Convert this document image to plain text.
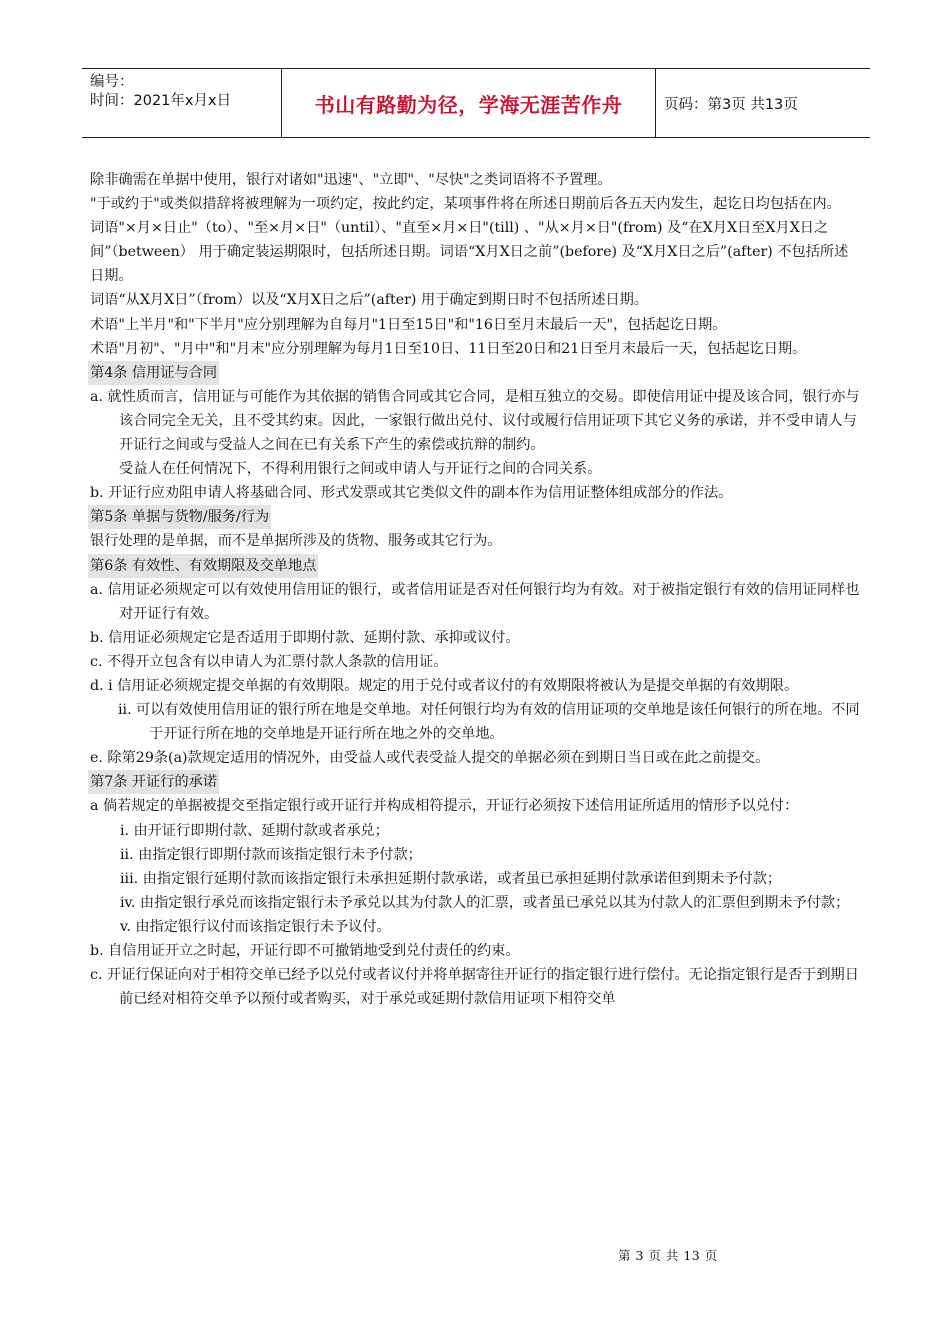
编号：
时间：2021年x月x日	书山有路勤为径，学海无涯苦作舟	页码：第3页 共13页

除非确需在单据中使用，银行对诸如"迅速"、"立即"、"尽快"之类词语将不予置理。

"于或约于"或类似措辞将被理解为一项约定，按此约定，某项事件将在所述日期前后各五天内发生，起讫日均包括在内。

词语"×月×日止"（to）、"至×月×日"（until）、"直至×月×日"(till) 、"从×月×日"(from) 及“在X月X日至X月X日之间”（between） 用于确定装运期限时，包括所述日期。词语“X月X日之前”(before) 及“X月X日之后”(after) 不包括所述日期。

词语“从X月X日”（from）以及“X月X日之后”(after) 用于确定到期日时不包括所述日期。

术语"上半月"和"下半月"应分别理解为自每月"1日至15日"和"16日至月末最后一天"，包括起讫日期。

术语"月初"、"月中"和"月末"应分别理解为每月1日至10日、11日至20日和21日至月末最后一天，包括起讫日期。

第4条 信用证与合同

a. 就性质而言，信用证与可能作为其依据的销售合同或其它合同，是相互独立的交易。即使信用证中提及该合同，银行亦与该合同完全无关，且不受其约束。因此，一家银行做出兑付、议付或履行信用证项下其它义务的承诺，并不受申请人与开证行之间或与受益人之间在已有关系下产生的索偿或抗辩的制约。

受益人在任何情况下，不得利用银行之间或申请人与开证行之间的合同关系。

b. 开证行应劝阻申请人将基础合同、形式发票或其它类似文件的副本作为信用证整体组成部分的作法。

第5条 单据与货物/服务/行为

银行处理的是单据，而不是单据所涉及的货物、服务或其它行为。

第6条 有效性、有效期限及交单地点

a. 信用证必须规定可以有效使用信用证的银行，或者信用证是否对任何银行均为有效。对于被指定银行有效的信用证同样也对开证行有效。

b. 信用证必须规定它是否适用于即期付款、延期付款、承抑或议付。

c. 不得开立包含有以申请人为汇票付款人条款的信用证。

d. i 信用证必须规定提交单据的有效期限。规定的用于兑付或者议付的有效期限将被认为是提交单据的有效期限。

ii. 可以有效使用信用证的银行所在地是交单地。对任何银行均为有效的信用证项的交单地是该任何银行的所在地。不同于开证行所在地的交单地是开证行所在地之外的交单地。

e. 除第29条(a)款规定适用的情况外，由受益人或代表受益人提交的单据必须在到期日当日或在此之前提交。

第7条 开证行的承诺

a 倘若规定的单据被提交至指定银行或开证行并构成相符提示，开证行必须按下述信用证所适用的情形予以兑付：

i. 由开证行即期付款、延期付款或者承兑；

ii. 由指定银行即期付款而该指定银行未予付款；

iii. 由指定银行延期付款而该指定银行未承担延期付款承诺，或者虽已承担延期付款承诺但到期未予付款；

iv. 由指定银行承兑而该指定银行未予承兑以其为付款人的汇票，或者虽已承兑以其为付款人的汇票但到期未予付款；

v. 由指定银行议付而该指定银行未予议付。

b. 自信用证开立之时起，开证行即不可撤销地受到兑付责任的约束。

c. 开证行保证向对于相符交单已经予以兑付或者议付并将单据寄往开证行的指定银行进行偿付。无论指定银行是否于到期日前已经对相符交单予以预付或者购买，对于承兑或延期付款信用证项下相符交单

第 3 页 共 13 页
